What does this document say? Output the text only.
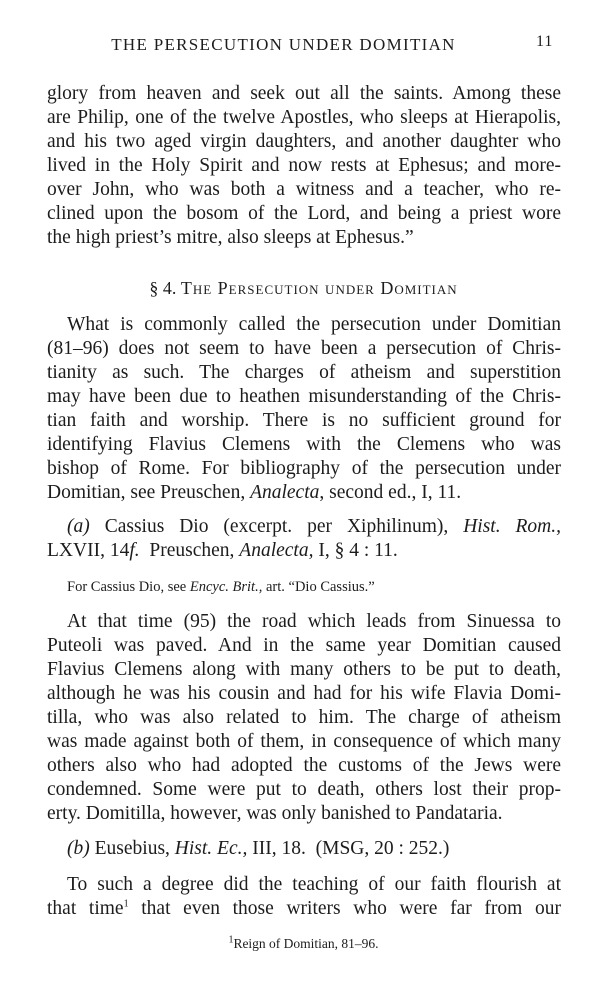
THE PERSECUTION UNDER DOMITIAN	11
glory from heaven and seek out all the saints. Among these
are Philip, one of the twelve Apostles, who sleeps at Hierapolis,
and his two aged virgin daughters, and another daughter who
lived in the Holy Spirit and now rests at Ephesus; and more-
over John, who was both a witness and a teacher, who re-
clined upon the bosom of the Lord, and being a priest wore
the high priest’s mitre, also sleeps at Ephesus.”
§ 4. The Persecution under Domitian
What is commonly called the persecution under Domitian
(81–96) does not seem to have been a persecution of Chris-
tianity as such. The charges of atheism and superstition
may have been due to heathen misunderstanding of the Chris-
tian faith and worship. There is no sufficient ground for
identifying Flavius Clemens with the Clemens who was
bishop of Rome. For bibliography of the persecution under
Domitian, see Preuschen, Analecta, second ed., I, 11.
(a) Cassius Dio (excerpt. per Xiphilinum), Hist. Rom.,
LXVII, 14f.  Preuschen, Analecta, I, § 4 : 11.
For Cassius Dio, see Encyc. Brit., art. “Dio Cassius.”
At that time (95) the road which leads from Sinuessa to
Puteoli was paved. And in the same year Domitian caused
Flavius Clemens along with many others to be put to death,
although he was his cousin and had for his wife Flavia Domi-
tilla, who was also related to him. The charge of atheism
was made against both of them, in consequence of which many
others also who had adopted the customs of the Jews were
condemned. Some were put to death, others lost their prop-
erty. Domitilla, however, was only banished to Pandataria.
(b) Eusebius, Hist. Ec., III, 18.  (MSG, 20 : 252.)
To such a degree did the teaching of our faith flourish at
that time$^1$ that even those writers who were far from our
$^1$Reign of Domitian, 81–96.
